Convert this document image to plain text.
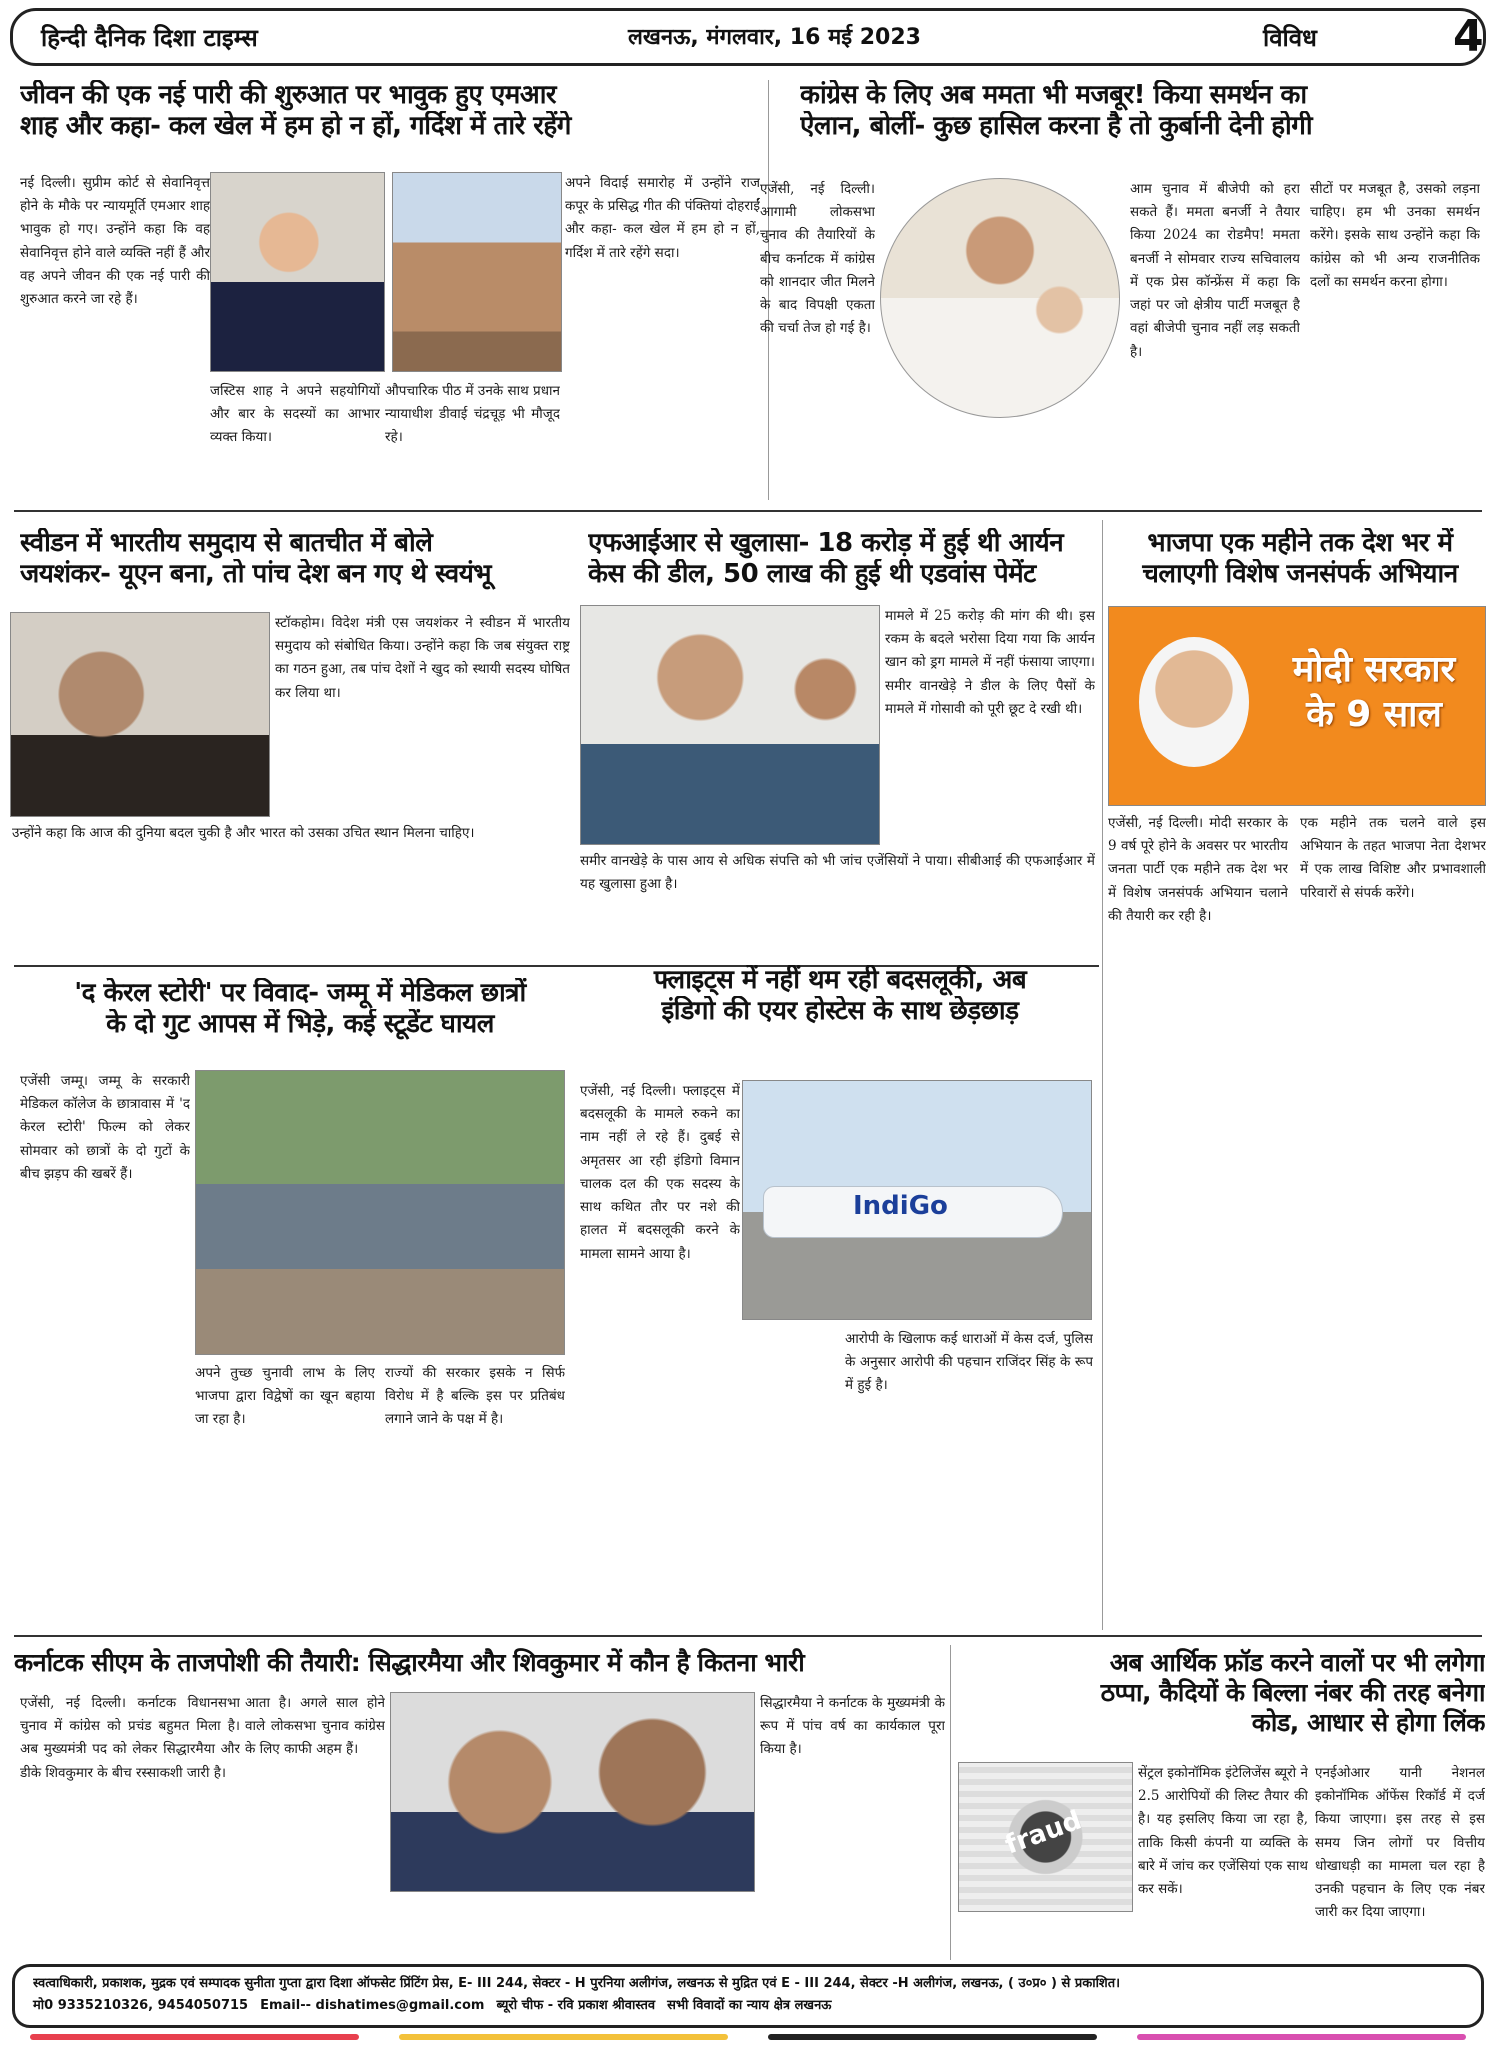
हिन्दी दैनिक दिशा टाइम्स	लखनऊ, मंगलवार, 16 मई 2023	विविध	4
जीवन की एक नई पारी की शुरुआत पर भावुक हुए एमआर
शाह और कहा- कल खेल में हम हो न हों, गर्दिश में तारे रहेंगे
नई दिल्ली। सुप्रीम कोर्ट से सेवानिवृत्त होने के मौके पर न्यायमूर्ति एमआर शाह भावुक हो गए। उन्होंने कहा कि वह सेवानिवृत्त होने वाले व्यक्ति नहीं हैं और वह अपने जीवन की एक नई पारी की शुरुआत करने जा रहे हैं।
अपने विदाई समारोह में उन्होंने राज कपूर के प्रसिद्ध गीत की पंक्तियां दोहराईं और कहा- कल खेल में हम हो न हों, गर्दिश में तारे रहेंगे सदा।
जस्टिस शाह ने अपने सहयोगियों और बार के सदस्यों का आभार व्यक्त किया।
औपचारिक पीठ में उनके साथ प्रधान न्यायाधीश डीवाई चंद्रचूड़ भी मौजूद रहे।
कांग्रेस के लिए अब ममता भी मजबूर! किया समर्थन का
ऐलान, बोलीं- कुछ हासिल करना है तो कुर्बानी देनी होगी
एजेंसी, नई दिल्ली। आगामी लोकसभा चुनाव की तैयारियों के बीच कर्नाटक में कांग्रेस को शानदार जीत मिलने के बाद विपक्षी एकता की चर्चा तेज हो गई है।
आम चुनाव में बीजेपी को हरा सकते हैं। ममता बनर्जी ने तैयार किया 2024 का रोडमैप! ममता बनर्जी ने सोमवार राज्य सचिवालय में एक प्रेस कॉन्फ्रेंस में कहा कि जहां पर जो क्षेत्रीय पार्टी मजबूत है वहां बीजेपी चुनाव नहीं लड़ सकती है।
सीटों पर मजबूत है, उसको लड़ना चाहिए। हम भी उनका समर्थन करेंगे। इसके साथ उन्होंने कहा कि कांग्रेस को भी अन्य राजनीतिक दलों का समर्थन करना होगा।
स्वीडन में भारतीय समुदाय से बातचीत में बोले
जयशंकर- यूएन बना, तो पांच देश बन गए थे स्वयंभू
स्टॉकहोम। विदेश मंत्री एस जयशंकर ने स्वीडन में भारतीय समुदाय को संबोधित किया। उन्होंने कहा कि जब संयुक्त राष्ट्र का गठन हुआ, तब पांच देशों ने खुद को स्थायी सदस्य घोषित कर लिया था।
उन्होंने कहा कि आज की दुनिया बदल चुकी है और भारत को उसका उचित स्थान मिलना चाहिए।
एफआईआर से खुलासा- 18 करोड़ में हुई थी आर्यन
केस की डील, 50 लाख की हुई थी एडवांस पेमेंट
मामले में 25 करोड़ की मांग की थी। इस रकम के बदले भरोसा दिया गया कि आर्यन खान को ड्रग मामले में नहीं फंसाया जाएगा। समीर वानखेड़े ने डील के लिए पैसों के मामले में गोसावी को पूरी छूट दे रखी थी।
समीर वानखेड़े के पास आय से अधिक संपत्ति को भी जांच एजेंसियों ने पाया। सीबीआई की एफआईआर में यह खुलासा हुआ है।
भाजपा एक महीने तक देश भर में
चलाएगी विशेष जनसंपर्क अभियान
मोदी सरकार
के 9 साल
एजेंसी, नई दिल्ली। मोदी सरकार के 9 वर्ष पूरे होने के अवसर पर भारतीय जनता पार्टी एक महीने तक देश भर में विशेष जनसंपर्क अभियान चलाने की तैयारी कर रही है।
एक महीने तक चलने वाले इस अभियान के तहत भाजपा नेता देशभर में एक लाख विशिष्ट और प्रभावशाली परिवारों से संपर्क करेंगे।
'द केरल स्टोरी' पर विवाद- जम्मू में मेडिकल छात्रों
के दो गुट आपस में भिड़े, कई स्टूडेंट घायल
एजेंसी जम्मू। जम्मू के सरकारी मेडिकल कॉलेज के छात्रावास में 'द केरल स्टोरी' फिल्म को लेकर सोमवार को छात्रों के दो गुटों के बीच झड़प की खबरें हैं।
अपने तुच्छ चुनावी लाभ के लिए भाजपा द्वारा विद्वेषों का खून बहाया जा रहा है।
राज्यों की सरकार इसके न सिर्फ विरोध में है बल्कि इस पर प्रतिबंध लगाने जाने के पक्ष में है।
फ्लाइट्स में नहीं थम रही बदसलूकी, अब
इंडिगो की एयर होस्टेस के साथ छेड़छाड़
एजेंसी, नई दिल्ली। फ्लाइट्स में बदसलूकी के मामले रुकने का नाम नहीं ले रहे हैं। दुबई से अमृतसर आ रही इंडिगो विमान चालक दल की एक सदस्य के साथ कथित तौर पर नशे की हालत में बदसलूकी करने के मामला सामने आया है।
IndiGo
आरोपी के खिलाफ कई धाराओं में केस दर्ज, पुलिस के अनुसार आरोपी की पहचान राजिंदर सिंह के रूप में हुई है।
कर्नाटक सीएम के ताजपोशी की तैयारी: सिद्धारमैया और शिवकुमार में कौन है कितना भारी
एजेंसी, नई दिल्ली। कर्नाटक विधानसभा चुनाव में कांग्रेस को प्रचंड बहुमत मिला है। अब मुख्यमंत्री पद को लेकर सिद्धारमैया और डीके शिवकुमार के बीच रस्साकशी जारी है।
आता है। अगले साल होने वाले लोकसभा चुनाव कांग्रेस के लिए काफी अहम हैं।
सिद्धारमैया ने कर्नाटक के मुख्यमंत्री के रूप में पांच वर्ष का कार्यकाल पूरा किया है।
अब आर्थिक फ्रॉड करने वालों पर भी लगेगा
ठप्पा, कैदियों के बिल्ला नंबर की तरह बनेगा
कोड, आधार से होगा लिंक
fraud
सेंट्रल इकोनॉमिक इंटेलिजेंस ब्यूरो ने 2.5 आरोपियों की लिस्ट तैयार की है। यह इसलिए किया जा रहा है, ताकि किसी कंपनी या व्यक्ति के बारे में जांच कर एजेंसियां एक साथ कर सकें।
एनईओआर यानी नेशनल इकोनॉमिक ऑफेंस रिकॉर्ड में दर्ज किया जाएगा। इस तरह से इस समय जिन लोगों पर वित्तीय धोखाधड़ी का मामला चल रहा है उनकी पहचान के लिए एक नंबर जारी कर दिया जाएगा।
स्वत्वाधिकारी, प्रकाशक, मुद्रक एवं सम्पादक सुनीता गुप्ता द्वारा दिशा ऑफसेट प्रिंटिंग प्रेस, E- III 244, सेक्टर - H पुरनिया अलीगंज, लखनऊ से मुद्रित एवं E - III 244, सेक्टर -H अलीगंज, लखनऊ, ( उ०प्र० ) से प्रकाशित।
मो0 9335210326, 9454050715 Email-- dishatimes@gmail.com ब्यूरो चीफ - रवि प्रकाश श्रीवास्तव सभी विवादों का न्याय क्षेत्र लखनऊ
